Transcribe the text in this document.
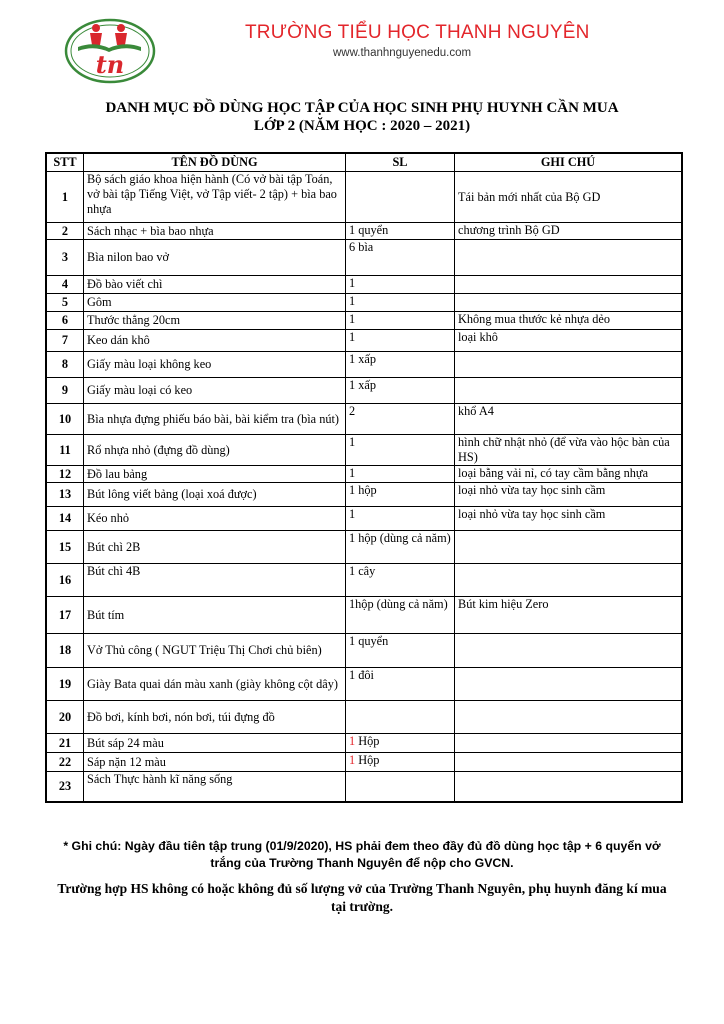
tn
TRƯỜNG TIỂU HỌC THANH NGUYÊN
www.thanhnguyenedu.com
DANH MỤC ĐỒ DÙNG HỌC TẬP CỦA HỌC SINH PHỤ HUYNH CẦN MUA
LỚP 2 (NĂM HỌC : 2020 – 2021)
STT	TÊN ĐỒ DÙNG	SL	GHI CHÚ
1	Bộ sách giáo khoa hiện hành (Có vở bài tập Toán, vở bài tập Tiếng Việt, vở Tập viết- 2 tập) + bìa bao nhựa		Tái bản mới nhất của Bộ GD
2	Sách nhạc + bìa bao nhựa	1 quyển	chương trình Bộ GD
3	Bìa nilon bao vở	6 bìa	
4	Đồ bào viết chì	1	
5	Gôm	1	
6	Thước thẳng 20cm	1	Không mua thước kẻ nhựa dẻo
7	Keo dán khô	1	loại khô
8	Giấy màu loại không keo	1 xấp	
9	Giấy màu loại có keo	1 xấp	
10	Bìa nhựa đựng phiếu báo bài, bài kiểm tra (bìa nút)	2	khổ A4
11	Rổ nhựa nhỏ (đựng đồ dùng)	1	hình chữ nhật nhỏ (để vừa vào hộc bàn của HS)
12	Đồ lau bảng	1	loại bằng vải nỉ, có tay cầm bằng nhựa
13	Bút lông viết bảng (loại xoá được)	1 hộp	loại nhỏ vừa tay học sinh cầm
14	Kéo nhỏ	1	loại nhỏ vừa tay học sinh cầm
15	Bút chì 2B	1 hộp (dùng cả năm)	
16	Bút chì 4B	1 cây	
17	Bút tím	1hộp (dùng cả năm)	Bút kim hiệu Zero
18	Vở Thủ công ( NGUT Triệu Thị Chơi chủ biên)	1 quyển	
19	Giày Bata quai dán màu xanh (giày không cột dây)	1 đôi	
20	Đồ bơi, kính bơi, nón bơi, túi đựng đồ		
21	Bút sáp 24 màu	1 Hộp	
22	Sáp nặn 12 màu	1 Hộp	
23	Sách Thực hành kĩ năng sống		
* Ghi chú: Ngày đầu tiên tập trung (01/9/2020), HS phải đem theo đầy đủ đồ dùng học tập + 6 quyển vở trắng của Trường Thanh Nguyên để nộp cho GVCN.
Trường hợp HS không có hoặc không đủ số lượng vở của Trường Thanh Nguyên, phụ huynh đăng kí mua tại trường.
